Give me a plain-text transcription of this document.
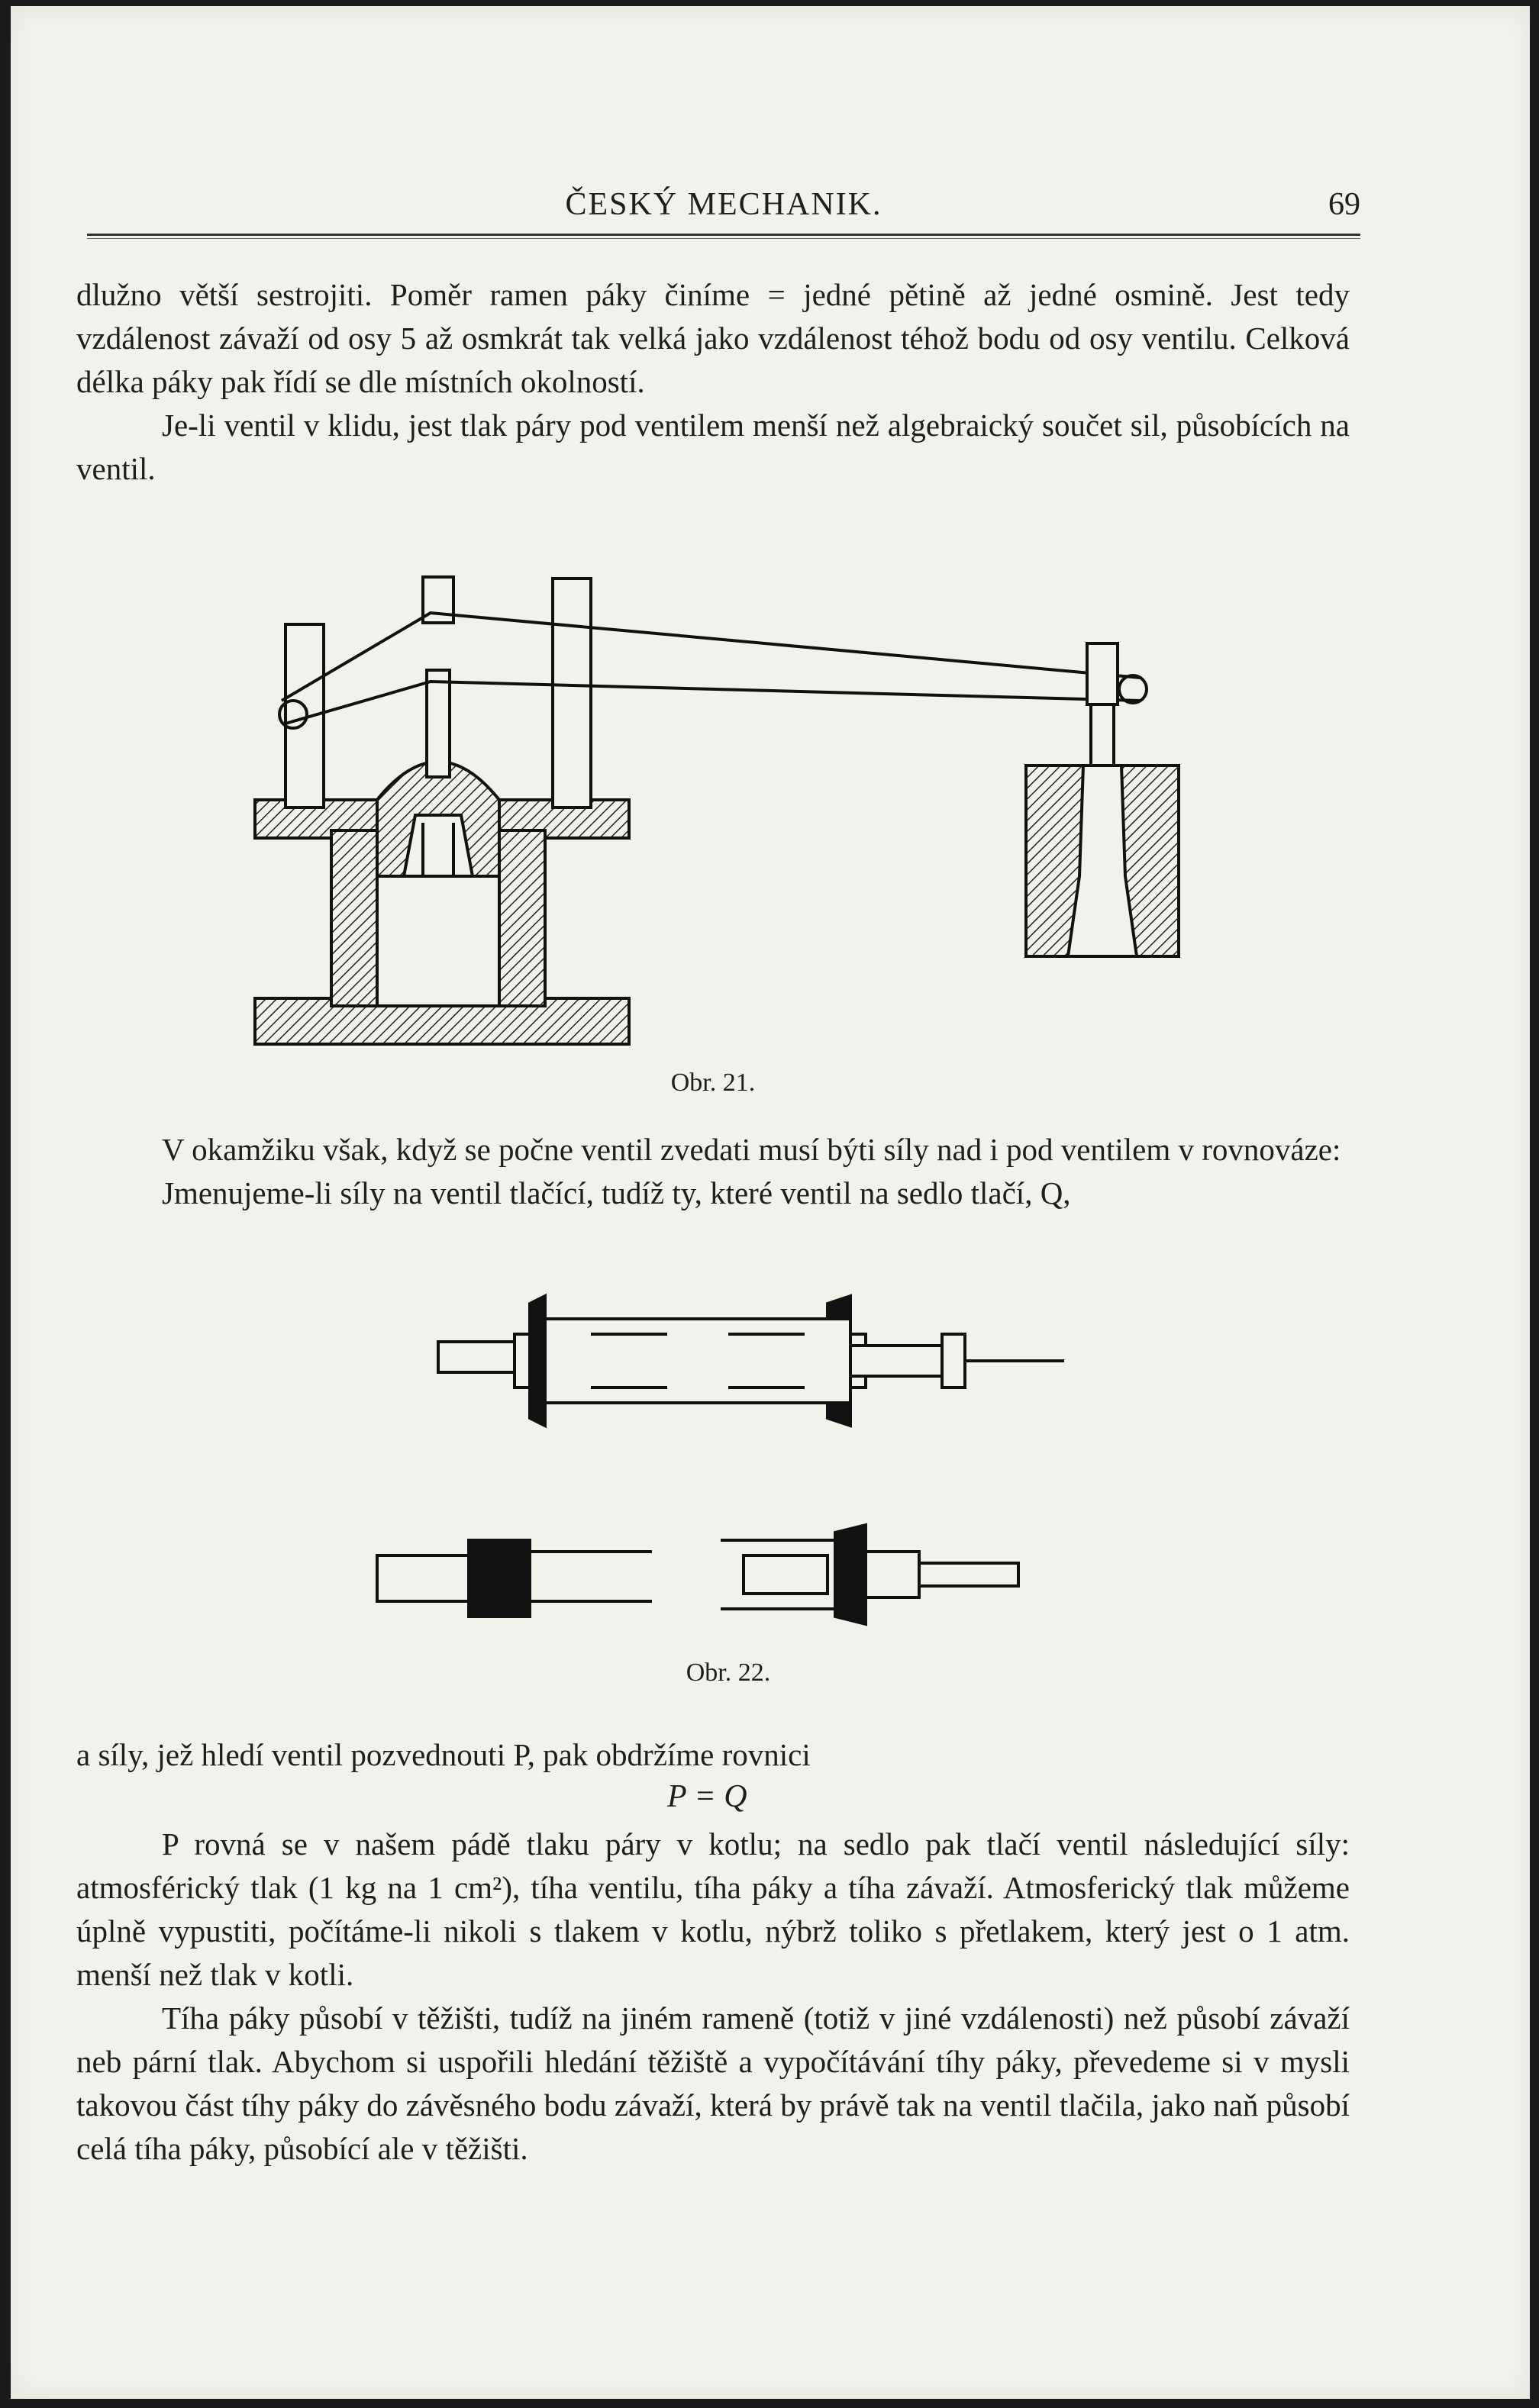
ČESKÝ MECHANIK.	69

dlužno větší sestrojiti. Poměr ramen páky činíme = jedné pětině až jedné osmině. Jest tedy vzdálenost závaží od osy 5 až osmkrát tak velká jako vzdálenost téhož bodu od osy ventilu. Celková délka páky pak řídí se dle místních okolností.

Je-li ventil v klidu, jest tlak páry pod ventilem menší než algebraický součet sil, působících na ventil.

Obr. 21.

V okamžiku však, když se počne ventil zvedati musí býti síly nad i pod ventilem v rovnováze:

Jmenujeme-li síly na ventil tlačící, tudíž ty, které ventil na sedlo tlačí, Q,

Obr. 22.

a síly, jež hledí ventil pozvednouti P, pak obdržíme rovnici

P = Q

P rovná se v našem pádě tlaku páry v kotlu; na sedlo pak tlačí ventil následující síly: atmosférický tlak (1 kg na 1 cm²), tíha ventilu, tíha páky a tíha závaží. Atmosferický tlak můžeme úplně vypustiti, počítáme-li nikoli s tlakem v kotlu, nýbrž toliko s přetlakem, který jest o 1 atm. menší než tlak v kotli.

Tíha páky působí v těžišti, tudíž na jiném rameně (totiž v jiné vzdálenosti) než působí závaží neb pární tlak. Abychom si uspořili hledání těžiště a vypočítávání tíhy páky, převedeme si v mysli takovou část tíhy páky do závěsného bodu závaží, která by právě tak na ventil tlačila, jako naň působí celá tíha páky, působící ale v těžišti.
